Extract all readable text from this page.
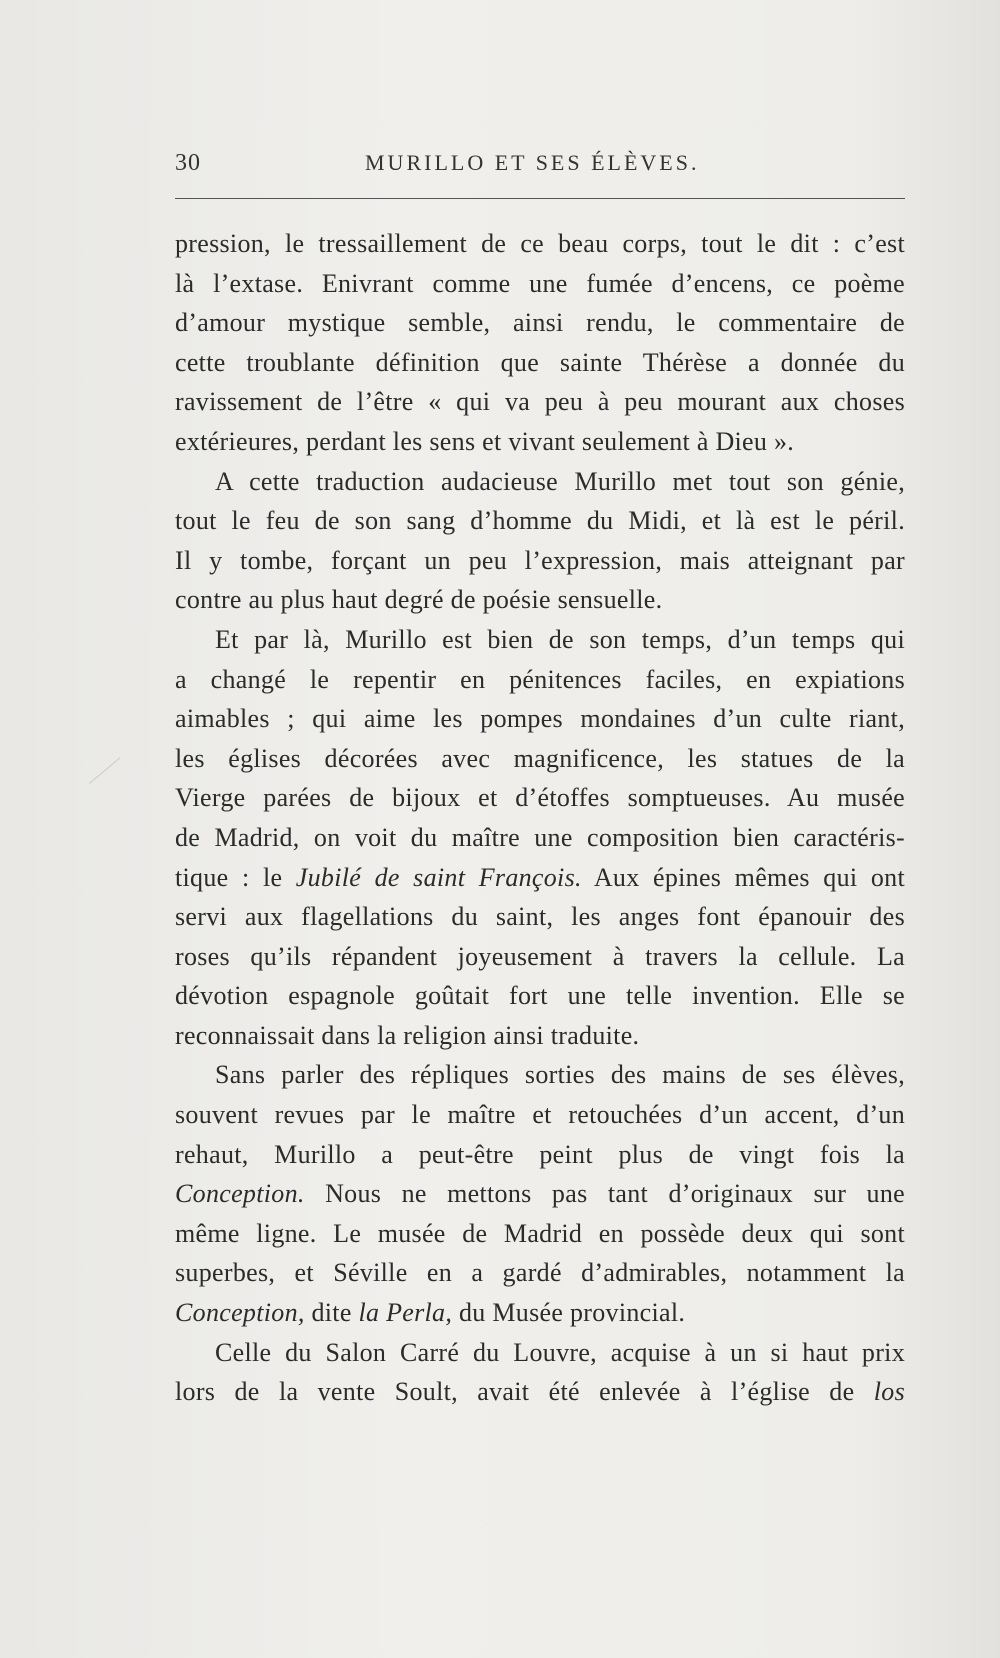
30	MURILLO ET SES ÉLÈVES.
pression, le tressaillement de ce beau corps, tout le dit : c’est
là l’extase. Enivrant comme une fumée d’encens, ce poème
d’amour mystique semble, ainsi rendu, le commentaire de
cette troublante définition que sainte Thérèse a donnée du
ravissement de l’être « qui va peu à peu mourant aux choses
extérieures, perdant les sens et vivant seulement à Dieu ».
A cette traduction audacieuse Murillo met tout son génie,
tout le feu de son sang d’homme du Midi, et là est le péril.
Il y tombe, forçant un peu l’expression, mais atteignant par
contre au plus haut degré de poésie sensuelle.
Et par là, Murillo est bien de son temps, d’un temps qui
a changé le repentir en pénitences faciles, en expiations
aimables ; qui aime les pompes mondaines d’un culte riant,
les églises décorées avec magnificence, les statues de la
Vierge parées de bijoux et d’étoffes somptueuses. Au musée
de Madrid, on voit du maître une composition bien caractéris-
tique : le Jubilé de saint François. Aux épines mêmes qui ont
servi aux flagellations du saint, les anges font épanouir des
roses qu’ils répandent joyeusement à travers la cellule. La
dévotion espagnole goûtait fort une telle invention. Elle se
reconnaissait dans la religion ainsi traduite.
Sans parler des répliques sorties des mains de ses élèves,
souvent revues par le maître et retouchées d’un accent, d’un
rehaut, Murillo a peut-être peint plus de vingt fois la
Conception. Nous ne mettons pas tant d’originaux sur une
même ligne. Le musée de Madrid en possède deux qui sont
superbes, et Séville en a gardé d’admirables, notamment la
Conception, dite la Perla, du Musée provincial.
Celle du Salon Carré du Louvre, acquise à un si haut prix
lors de la vente Soult, avait été enlevée à l’église de los
